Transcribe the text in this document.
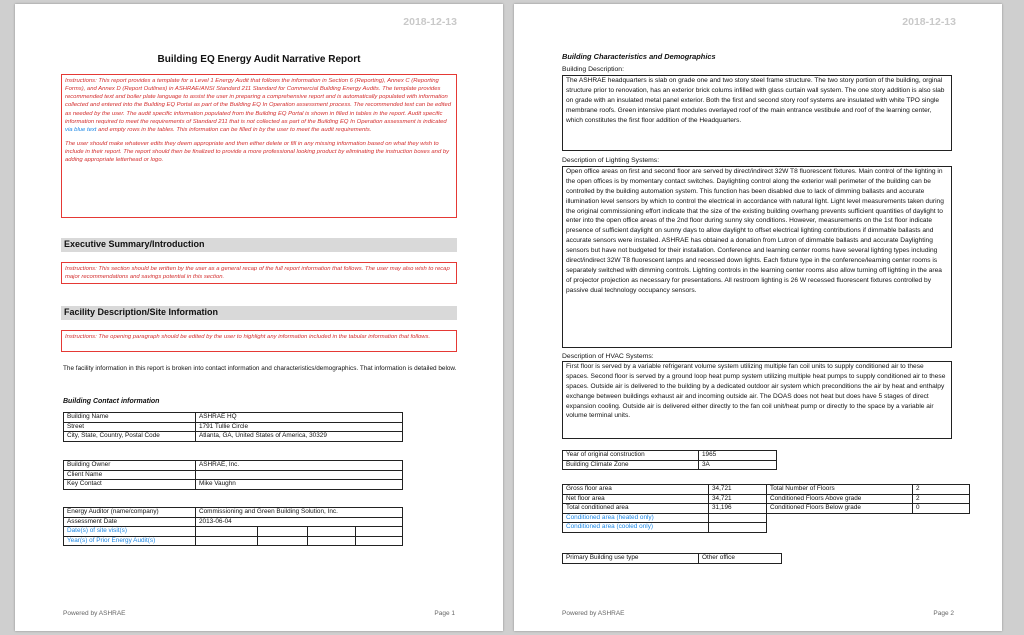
2018-12-13
Building EQ Energy Audit Narrative Report

Instructions: This report provides a template for a Level 1 Energy Audit that follows the information in Section 6 (Reporting), Annex C (Reporting Forms), and Annex D (Report Outlines) in ASHRAE/ANSI Standard 211 Standard for Commercial Building Energy Audits. The template provides recommended text and boiler plate language to assist the user in preparing a comprehensive report and is automatically populated with information collected and entered into the Building EQ Portal as part of the Building EQ In Operation assessment process. The recommended text can be edited as needed by the user. The audit specific information populated from the Building EQ Portal is shown in filled in tables in the report. Audit specific information required to meet the requirements of Standard 211 that is not collected as part of the Building EQ In Operation assessment is indicated via blue text and empty rows in the tables. This information can be filled in by the user to meet the audit requirements.

The user should make whatever edits they deem appropriate and then either delete or fill in any missing information based on what they wish to include in their report. The report should then be finalized to provide a more professional looking product by eliminating the instruction boxes and by adding appropriate letterhead or logo.

Executive Summary/Introduction
Instructions: This section should be written by the user as a general recap of the full report information that follows. The user may also wish to recap major recommendations and savings potential in this section.
Facility Description/Site Information
Instructions: The opening paragraph should be edited by the user to highlight any information included in the tabular information that follows.
The facility information in this report is broken into contact information and characteristics/demographics. That information is detailed below.
Building Contact information
Building Name	ASHRAE HQ
Street	1791 Tullie Circle
City, State, Country, Postal Code	Atlanta, GA, United States of America, 30329
Building Owner	ASHRAE, Inc.
Client Name	
Key Contact	Mike Vaughn
Energy Auditor (name/company)	Commissioning and Green Building Solution, Inc.			
Assessment Date	2013-06-04			
Date(s) of site visit(s)				
Year(s) of Prior Energy Audit(s)				
Powered by ASHRAE	Page 1
2018-12-13
Building Characteristics and Demographics
Building Description:
The ASHRAE headquarters is slab on grade one and two story steel frame structure. The two story portion of the building, orginal structure prior to renovation, has an exterior brick colums infilled with glass curtain wall system. The one story addition is also slab on grade with an insulated metal panel exterior. Both the first and second story roof systems are insulated with white TPO single membrane roofs. Green intensive plant modules overlayed roof of the main entrance vestibule and roof of the learning center, which constitutes the first floor addition of the Headquarters.
Description of Lighting Systems:
Open office areas on first and second floor are served by direct/indirect 32W T8 fluorescent fixtures. Main control of the lighting in the open offices is by momentary contact switches. Daylighting control along the exterior wall perimeter of the building can be controlled by the building automation system. This function has been disabled due to lack of dimming ballasts and accurate illumination level sensors by which to control the electrical in accordance with natural light. Light level measurements taken during the original commissioning effort indicate that the size of the existing building overhang prevents sufficient quantities of daylight to enter into the open office areas of the 2nd floor during sunny sky conditions. However, measurements on the 1st floor indicate presence of sufficient daylight on sunny days to allow daylight to offset electrical lighting contributions if dimmable ballasts and accurate sensors were installed. ASHRAE has obtained a donation from Lutron of dimmable ballasts and accurate Daylighting sensors but have not budgeted for their installation. Conference and learning center rooms have several lighting types including direct/indirect 32W T8 fluorescent lamps and recessed down lights. Each fixture type in the conference/learning center rooms is separately switched with dimming controls. Lighting controls in the learning center rooms also allow turning off lighting in the area of projector projection as necessary for presentations. All restroom lighting is 26 W recessed fluorescent fixtures controlled by passive dual technology occupancy sensors.
Description of HVAC Systems:
First floor is served by a variable refrigerant volume system utilizing multiple fan coil units to supply conditioned air to these spaces. Second floor is served by a ground loop heat pump system utilizing multiple heat pumps to supply conditioned air to these spaces. Outside air is delivered to the building by a dedicated outdoor air system which preconditions the air by heat and enthalpy exchange between buildings exhaust air and incoming outside air. The DOAS does not heat but does have 5 stages of direct expansion cooling. Outside air is delivered either directly to the fan coil unit/heat pump or directly to the space by a variable air volume terminal units.
Year of original construction	1965
Building Climate Zone	3A
Gross floor area	34,721	Total Number of Floors	2
Net floor area	34,721	Conditioned Floors Above grade	2
Total conditioned area	31,196	Conditioned Floors Below grade	0
Conditioned area (heated only)			
Conditioned area (cooled only)			
Primary Building use type	Other office
Powered by ASHRAE	Page 2
